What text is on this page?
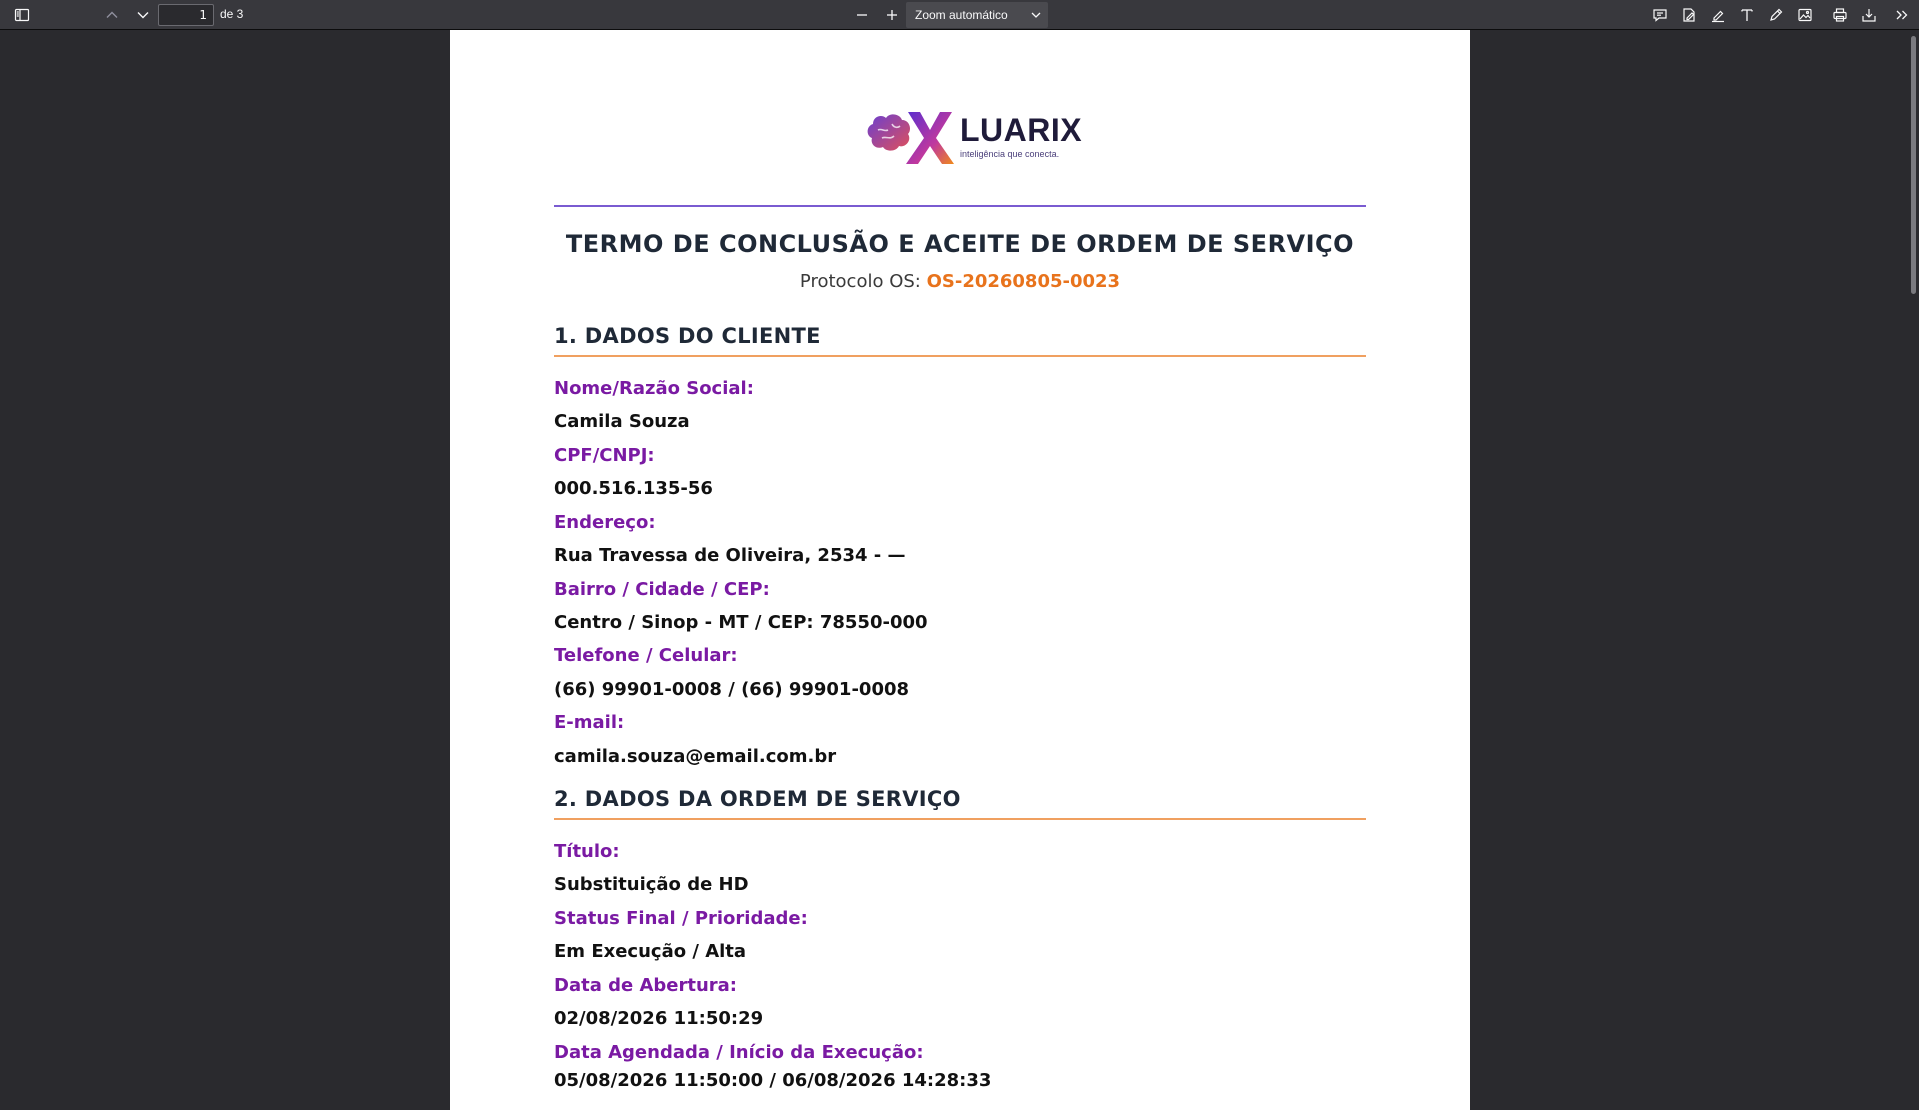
1
de 3	Zoom automático
LUARIX
inteligência que conecta.
TERMO DE CONCLUSÃO E ACEITE DE ORDEM DE SERVIÇO
Protocolo OS: OS-20260805-0023
1. DADOS DO CLIENTE
Nome/Razão Social:
Camila Souza
CPF/CNPJ:
000.516.135-56
Endereço:
Rua Travessa de Oliveira, 2534 - —
Bairro / Cidade / CEP:
Centro / Sinop - MT / CEP: 78550-000
Telefone / Celular:
(66) 99901-0008 / (66) 99901-0008
E-mail:
camila.souza@email.com.br
2. DADOS DA ORDEM DE SERVIÇO
Título:
Substituição de HD
Status Final / Prioridade:
Em Execução / Alta
Data de Abertura:
02/08/2026 11:50:29
Data Agendada / Início da Execução:
05/08/2026 11:50:00 / 06/08/2026 14:28:33
